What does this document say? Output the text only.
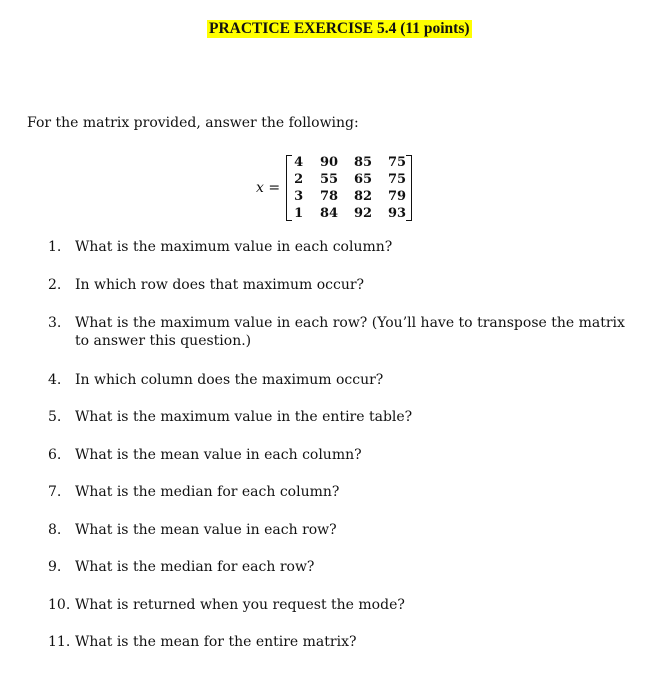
PRACTICE EXERCISE 5.4 (11 points)
For the matrix provided, answer the following:
x =
4	90	85	75
2	55	65	75
3	78	82	79
1	84	92	93
1. What is the maximum value in each column?
2. In which row does that maximum occur?
3. What is the maximum value in each row? (You’ll have to transpose the matrix to answer this question.)
4. In which column does the maximum occur?
5. What is the maximum value in the entire table?
6. What is the mean value in each column?
7. What is the median for each column?
8. What is the mean value in each row?
9. What is the median for each row?
10. What is returned when you request the mode?
11. What is the mean for the entire matrix?
